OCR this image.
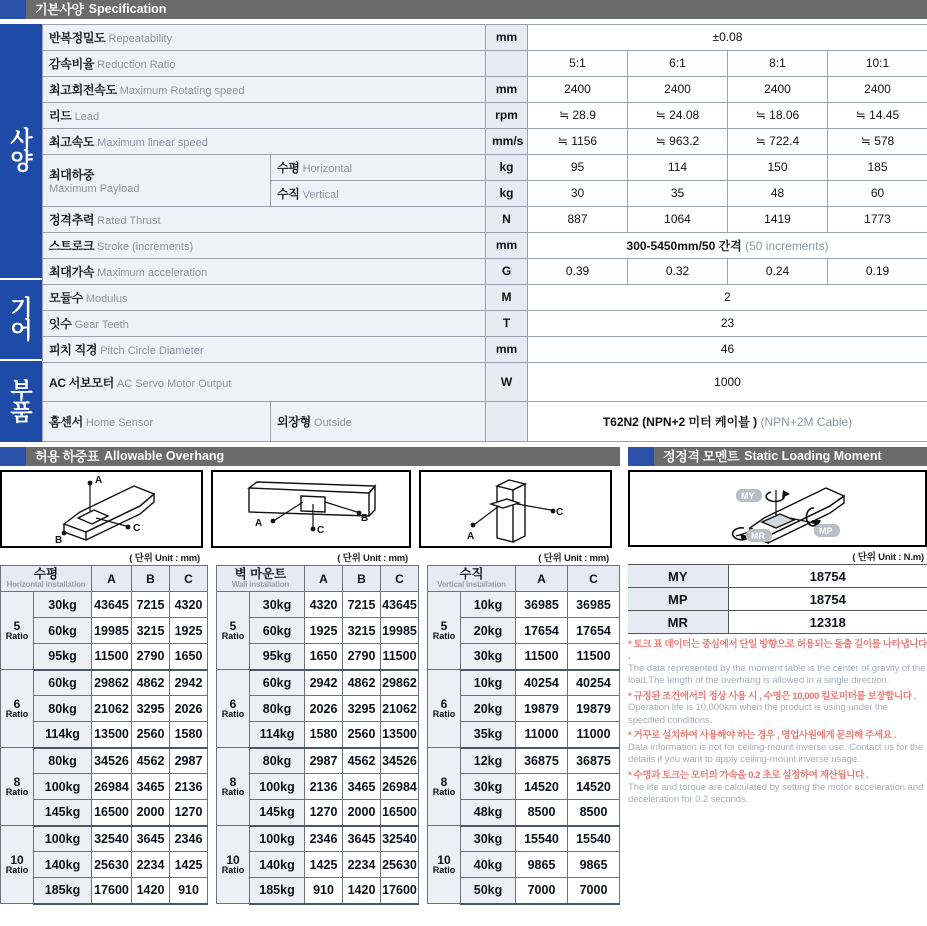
기본사양 Specification
사
양
기
어
부
품
반복정밀도 Repeatability		mm	±0.08			
감속비율 Reduction Ratio			5:1	6:1	8:1	10:1
최고회전속도 Maximum Rotating speed		mm	2400	2400	2400	2400
리드 Lead		rpm	≒ 28.9	≒ 24.08	≒ 18.06	≒ 14.45
최고속도 Maximum linear speed		mm/s	≒ 1156	≒ 963.2	≒ 722.4	≒ 578

최대하중
Maximum Payload	수평 Horizontal	kg	95	114	150	185
	수직 Vertical	kg	30	35	48	60
정격추력 Rated Thrust		N	887	1064	1419	1773
스트로크 Stroke (increments)		mm	300-5450mm/50 간격 (50 increments)			
최대가속 Maximum acceleration		G	0.39	0.32	0.24	0.19
모듈수 Modulus		M	2			
잇수 Gear Teeth		T	23			
피치 직경 Pitch Circle Diameter		mm	46			
AC 서보모터 AC Servo Motor Output		W	1000			
홈센서 Home Sensor	외장형 Outside		T62N2 (NPN+2 미터 케이블 ) (NPN+2M Cable)			
허용 하중표 Allowable Overhang
A
C
B
( 단위 Unit : mm)
A
C
B
( 단위 Unit : mm)
A
C
( 단위 Unit : mm)
수평
Horizontal installation		A	B	C

5
Ratio	30kg	43645	7215	4320
	60kg	19985	3215	1925
	95kg	11500	2790	1650

6
Ratio	60kg	29862	4862	2942
	80kg	21062	3295	2026
	114kg	13500	2560	1580

8
Ratio	80kg	34526	4562	2987
	100kg	26984	3465	2136
	145kg	16500	2000	1270

10
Ratio	100kg	32540	3645	2346
	140kg	25630	2234	1425
	185kg	17600	1420	910
벽 마운트
Wall installation		A	B	C

5
Ratio	30kg	4320	7215	43645
	60kg	1925	3215	19985
	95kg	1650	2790	11500

6
Ratio	60kg	2942	4862	29862
	80kg	2026	3295	21062
	114kg	1580	2560	13500

8
Ratio	80kg	2987	4562	34526
	100kg	2136	3465	26984
	145kg	1270	2000	16500

10
Ratio	100kg	2346	3645	32540
	140kg	1425	2234	25630
	185kg	910	1420	17600
수직
Vertical installation		A	C

5
Ratio	10kg	36985	36985
	20kg	17654	17654
	30kg	11500	11500

6
Ratio	10kg	40254	40254
	20kg	19879	19879
	35kg	11000	11000

8
Ratio	12kg	36875	36875
	30kg	14520	14520
	48kg	8500	8500

10
Ratio	30kg	15540	15540
	40kg	9865	9865
	50kg	7000	7000
정정격 모멘트 Static Loading Moment
MY
MP
MR
( 단위 Unit : N.m)
MY	18754
MP	18754
MR	12318
* 토크 표 데이터는 중심에서 단일 방향으로 허용되는 돌출 길이를 나타냅니다 .
The data represented by the moment table is the center of gravity of the load.The length of the overhang is allowed in a single direction.
* 규정된 조건에서의 정상 사용 시 , 수명은 10,000 킬로미터를 보장합니다 .
Operation life is 10,000km when the product is using under the specified conditions.
* 거꾸로 설치하여 사용해야 하는 경우 , 영업사원에게 문의해 주세요 .
Data information is not for ceiling-mount inverse use. Contact us for the details if you want to apply ceiling-mount inverse usage.
* 수명과 토크는 모터의 가속을 0.2 초로 설정하여 계산됩니다 .
The life and torque are calculated by setting the motor acceleration and deceleration for 0.2 seconds.
